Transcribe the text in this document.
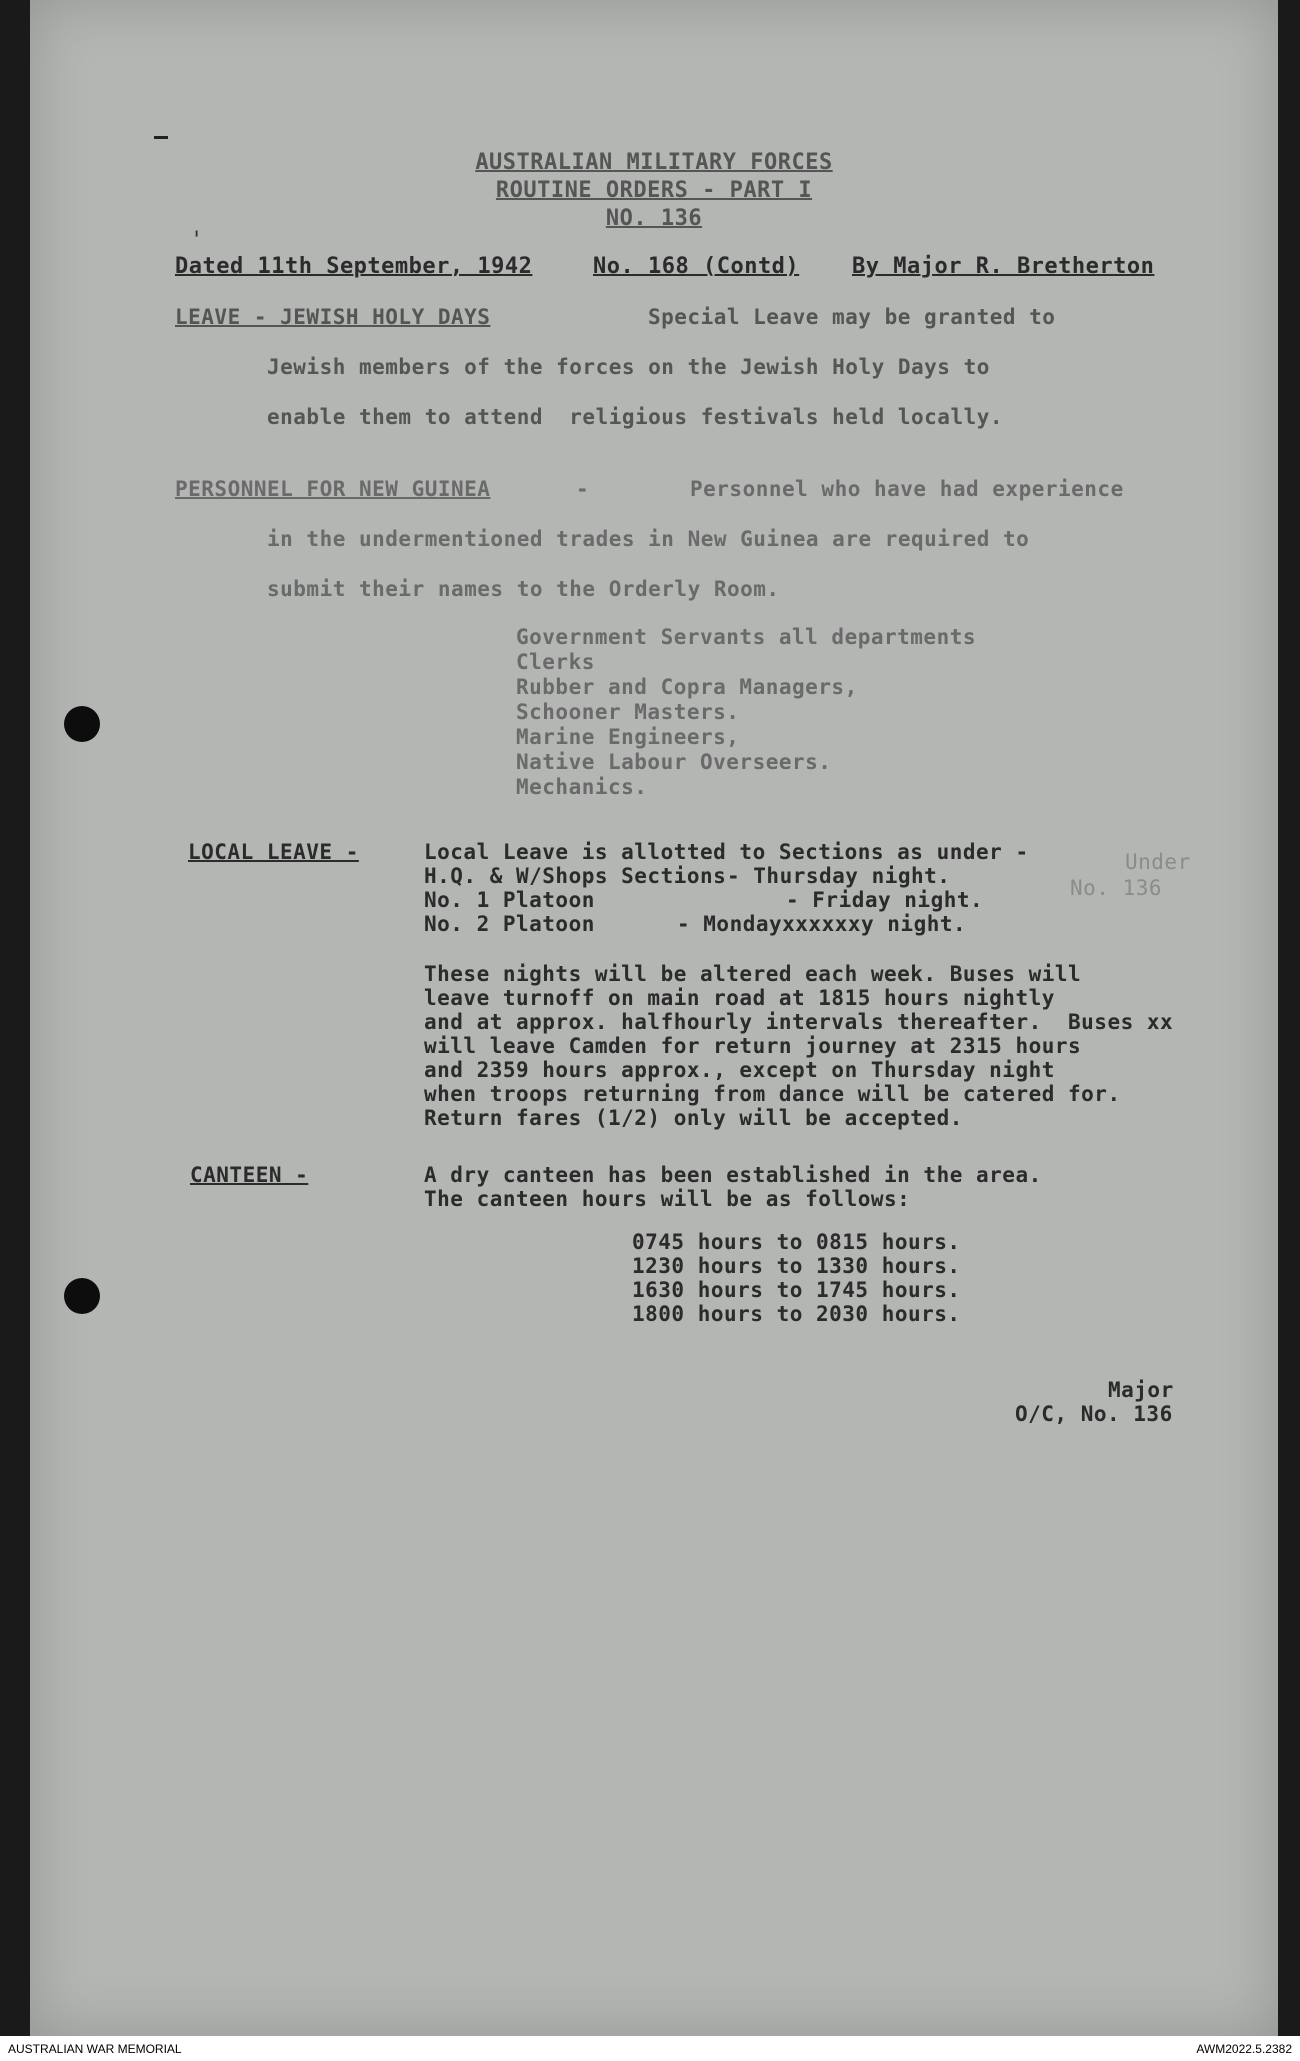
'
AUSTRALIAN MILITARY FORCES
ROUTINE ORDERS - PART I
NO. 136
Dated 11th September, 1942	No. 168 (Contd) By Major R. Bretherton
LEAVE - JEWISH HOLY DAYS	Special Leave may be granted to
Jewish members of the forces on the Jewish Holy Days to
enable them to attend  religious festivals held locally.
PERSONNEL FOR NEW GUINEA	-	Personnel who have had experience
in the undermentioned trades in New Guinea are required to
submit their names to the Orderly Room.
Government Servants all departments
Clerks
Rubber and Copra Managers,
Schooner Masters.
Marine Engineers,
Native Labour Overseers.
Mechanics.
LOCAL LEAVE -	Local Leave is allotted to Sections as under -
H.Q. & W/Shops Sections - Thursday night.
No. 1 Platoon	- Friday night.
No. 2 Platoon	- Mondayxxxxxxy night.
Under
No. 136
These nights will be altered each week. Buses will
leave turnoff on main road at 1815 hours nightly
and at approx. halfhourly intervals thereafter.  Buses xx
will leave Camden for return journey at 2315 hours
and 2359 hours approx., except on Thursday night
when troops returning from dance will be catered for.
Return fares (1/2) only will be accepted.
CANTEEN -	A dry canteen has been established in the area.
The canteen hours will be as follows:
0745 hours to 0815 hours.
1230 hours to 1330 hours.
1630 hours to 1745 hours.
1800 hours to 2030 hours.
Major
O/C, No. 136
AUSTRALIAN WAR MEMORIAL	AWM2022.5.2382
